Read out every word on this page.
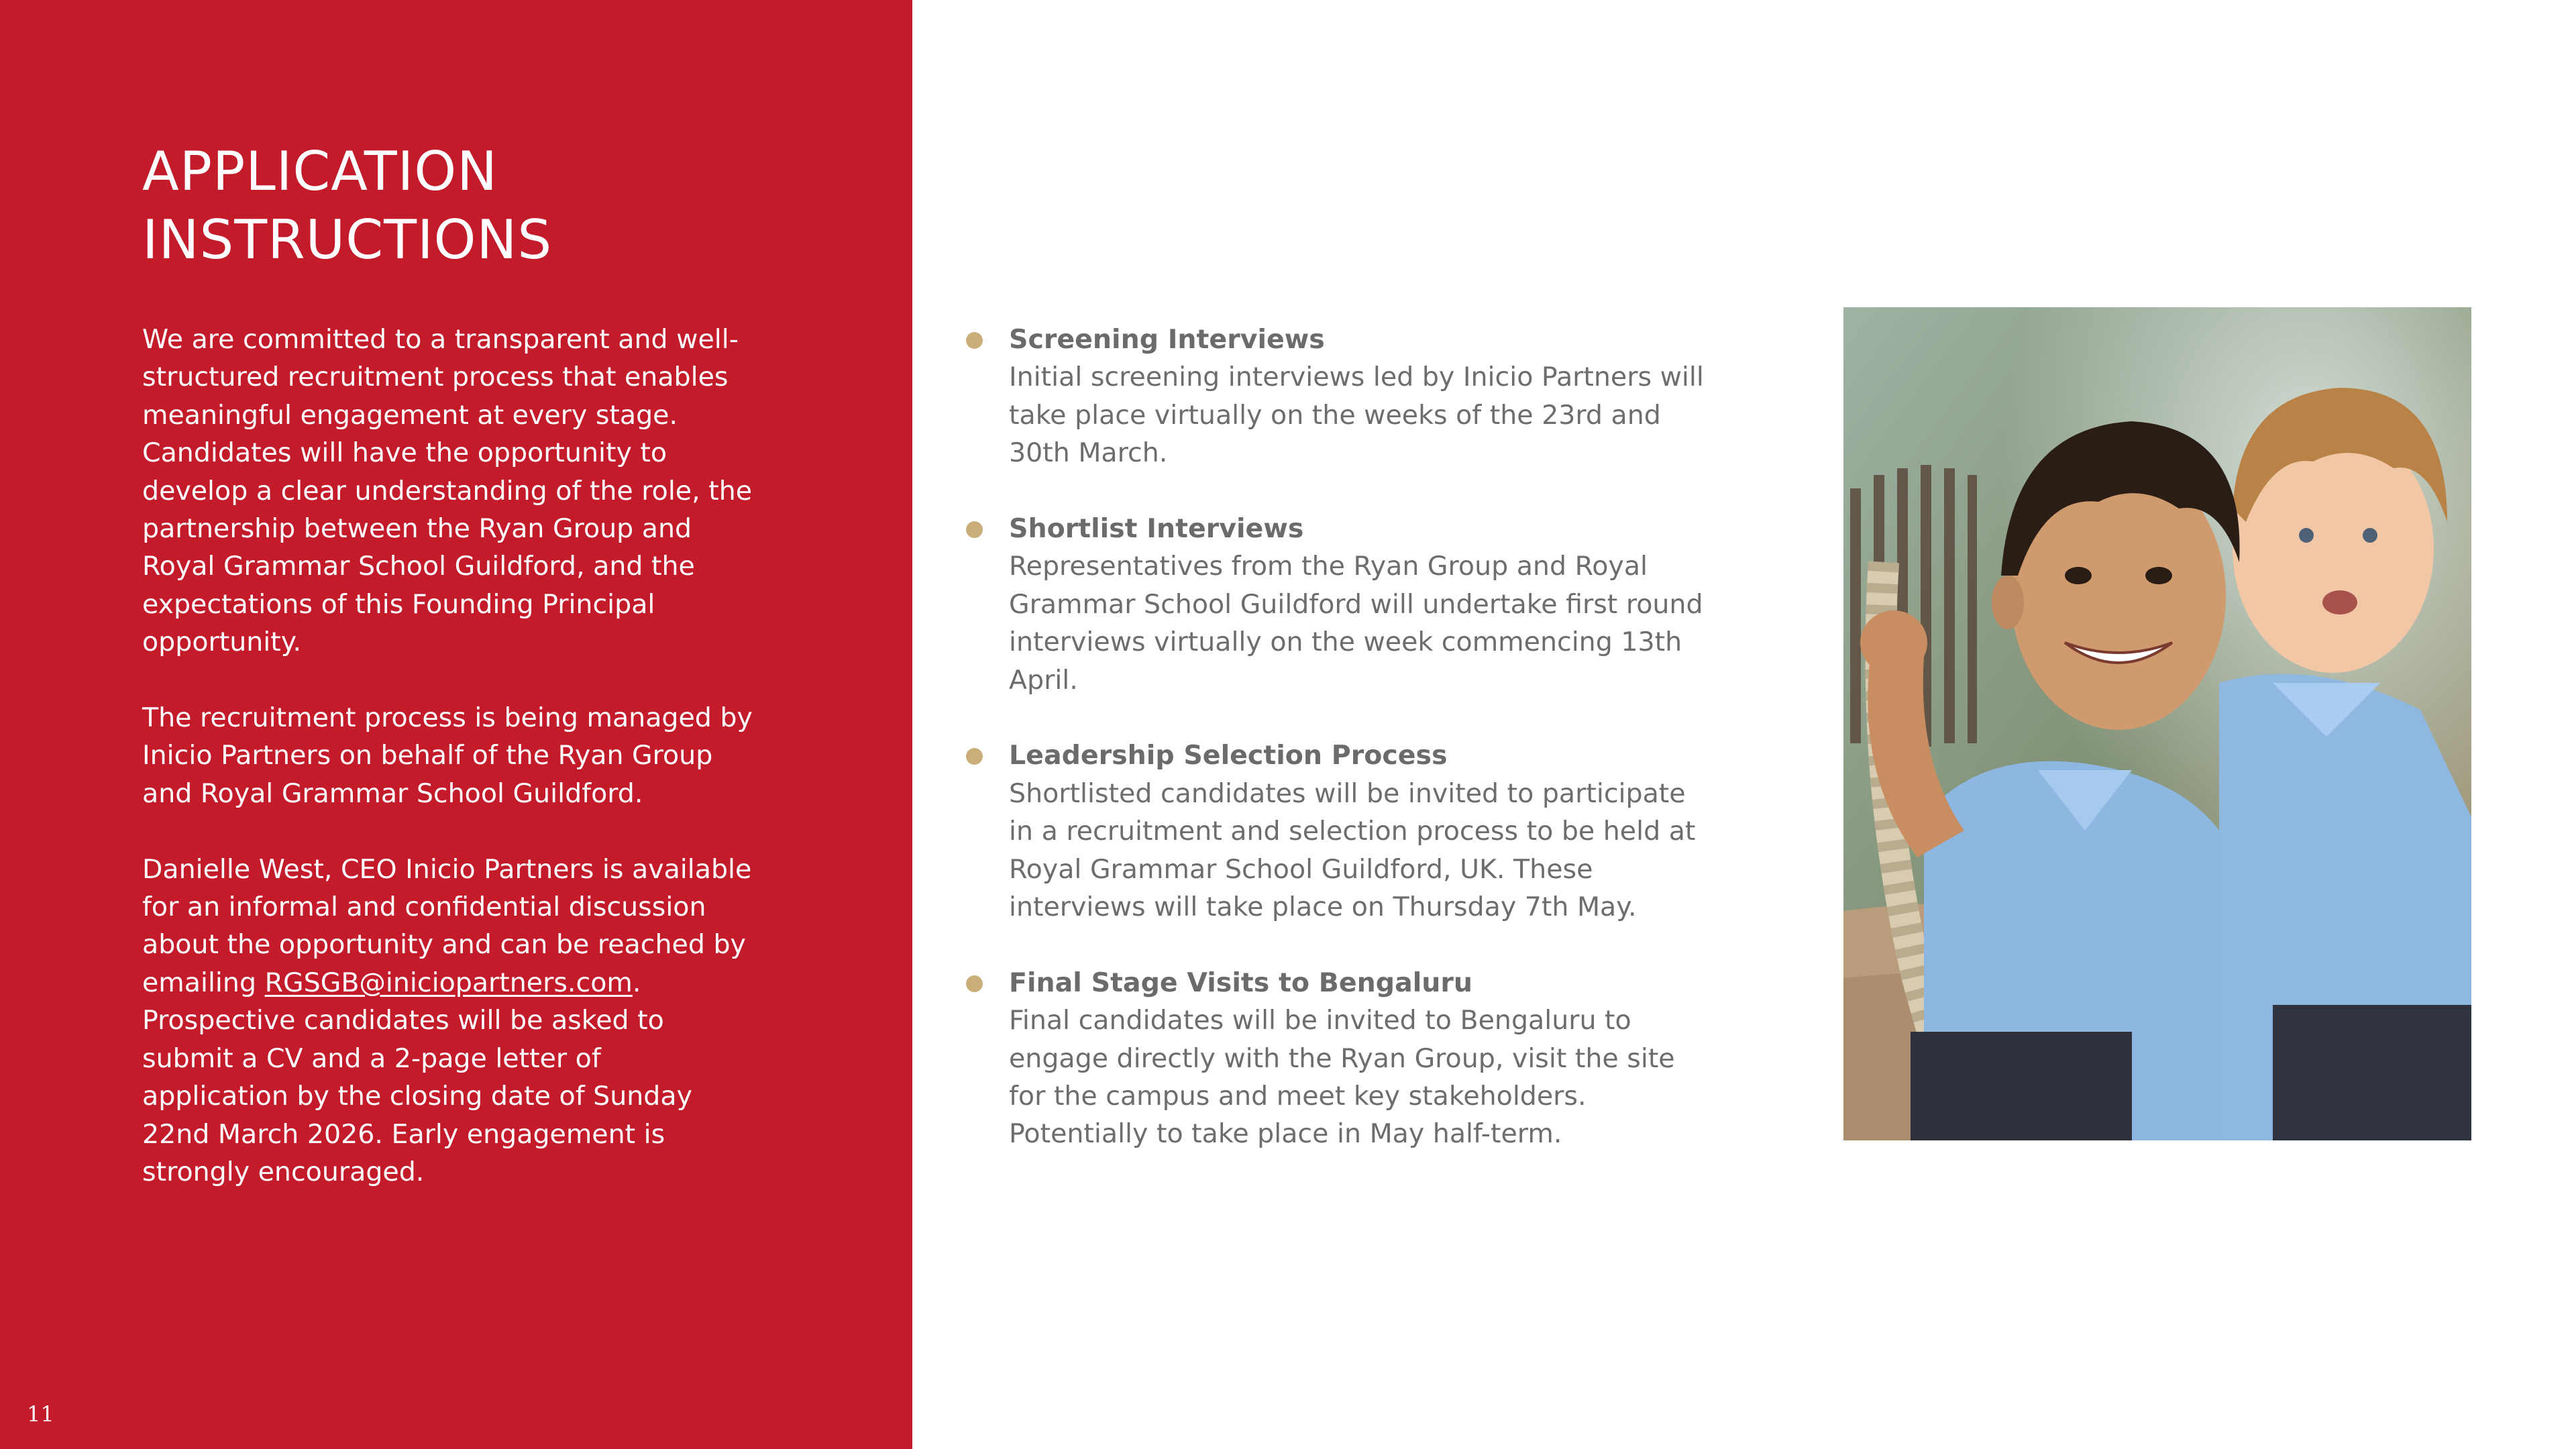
APPLICATION
INSTRUCTIONS

We are committed to a transparent and well-structured recruitment process that enables meaningful engagement at every stage. Candidates will have the opportunity to develop a clear understanding of the role, the partnership between the Ryan Group and Royal Grammar School Guildford, and the expectations of this Founding Principal opportunity.

The recruitment process is being managed by Inicio Partners on behalf of the Ryan Group and Royal Grammar School Guildford.

Danielle West, CEO Inicio Partners is available for an informal and confidential discussion about the opportunity and can be reached by emailing RGSGB@iniciopartners.com. Prospective candidates will be asked to submit a CV and a 2-page letter of application by the closing date of Sunday 22nd March 2026. Early engagement is strongly encouraged.

11
Screening Interviews
Initial screening interviews led by Inicio Partners will take place virtually on the weeks of the 23rd and 30th March.
Shortlist Interviews
Representatives from the Ryan Group and Royal Grammar School Guildford will undertake first round interviews virtually on the week commencing 13th April.
Leadership Selection Process
Shortlisted candidates will be invited to participate in a recruitment and selection process to be held at Royal Grammar School Guildford, UK. These interviews will take place on Thursday 7th May.
Final Stage Visits to Bengaluru
Final candidates will be invited to Bengaluru to engage directly with the Ryan Group, visit the site for the campus and meet key stakeholders. Potentially to take place in May half-term.
